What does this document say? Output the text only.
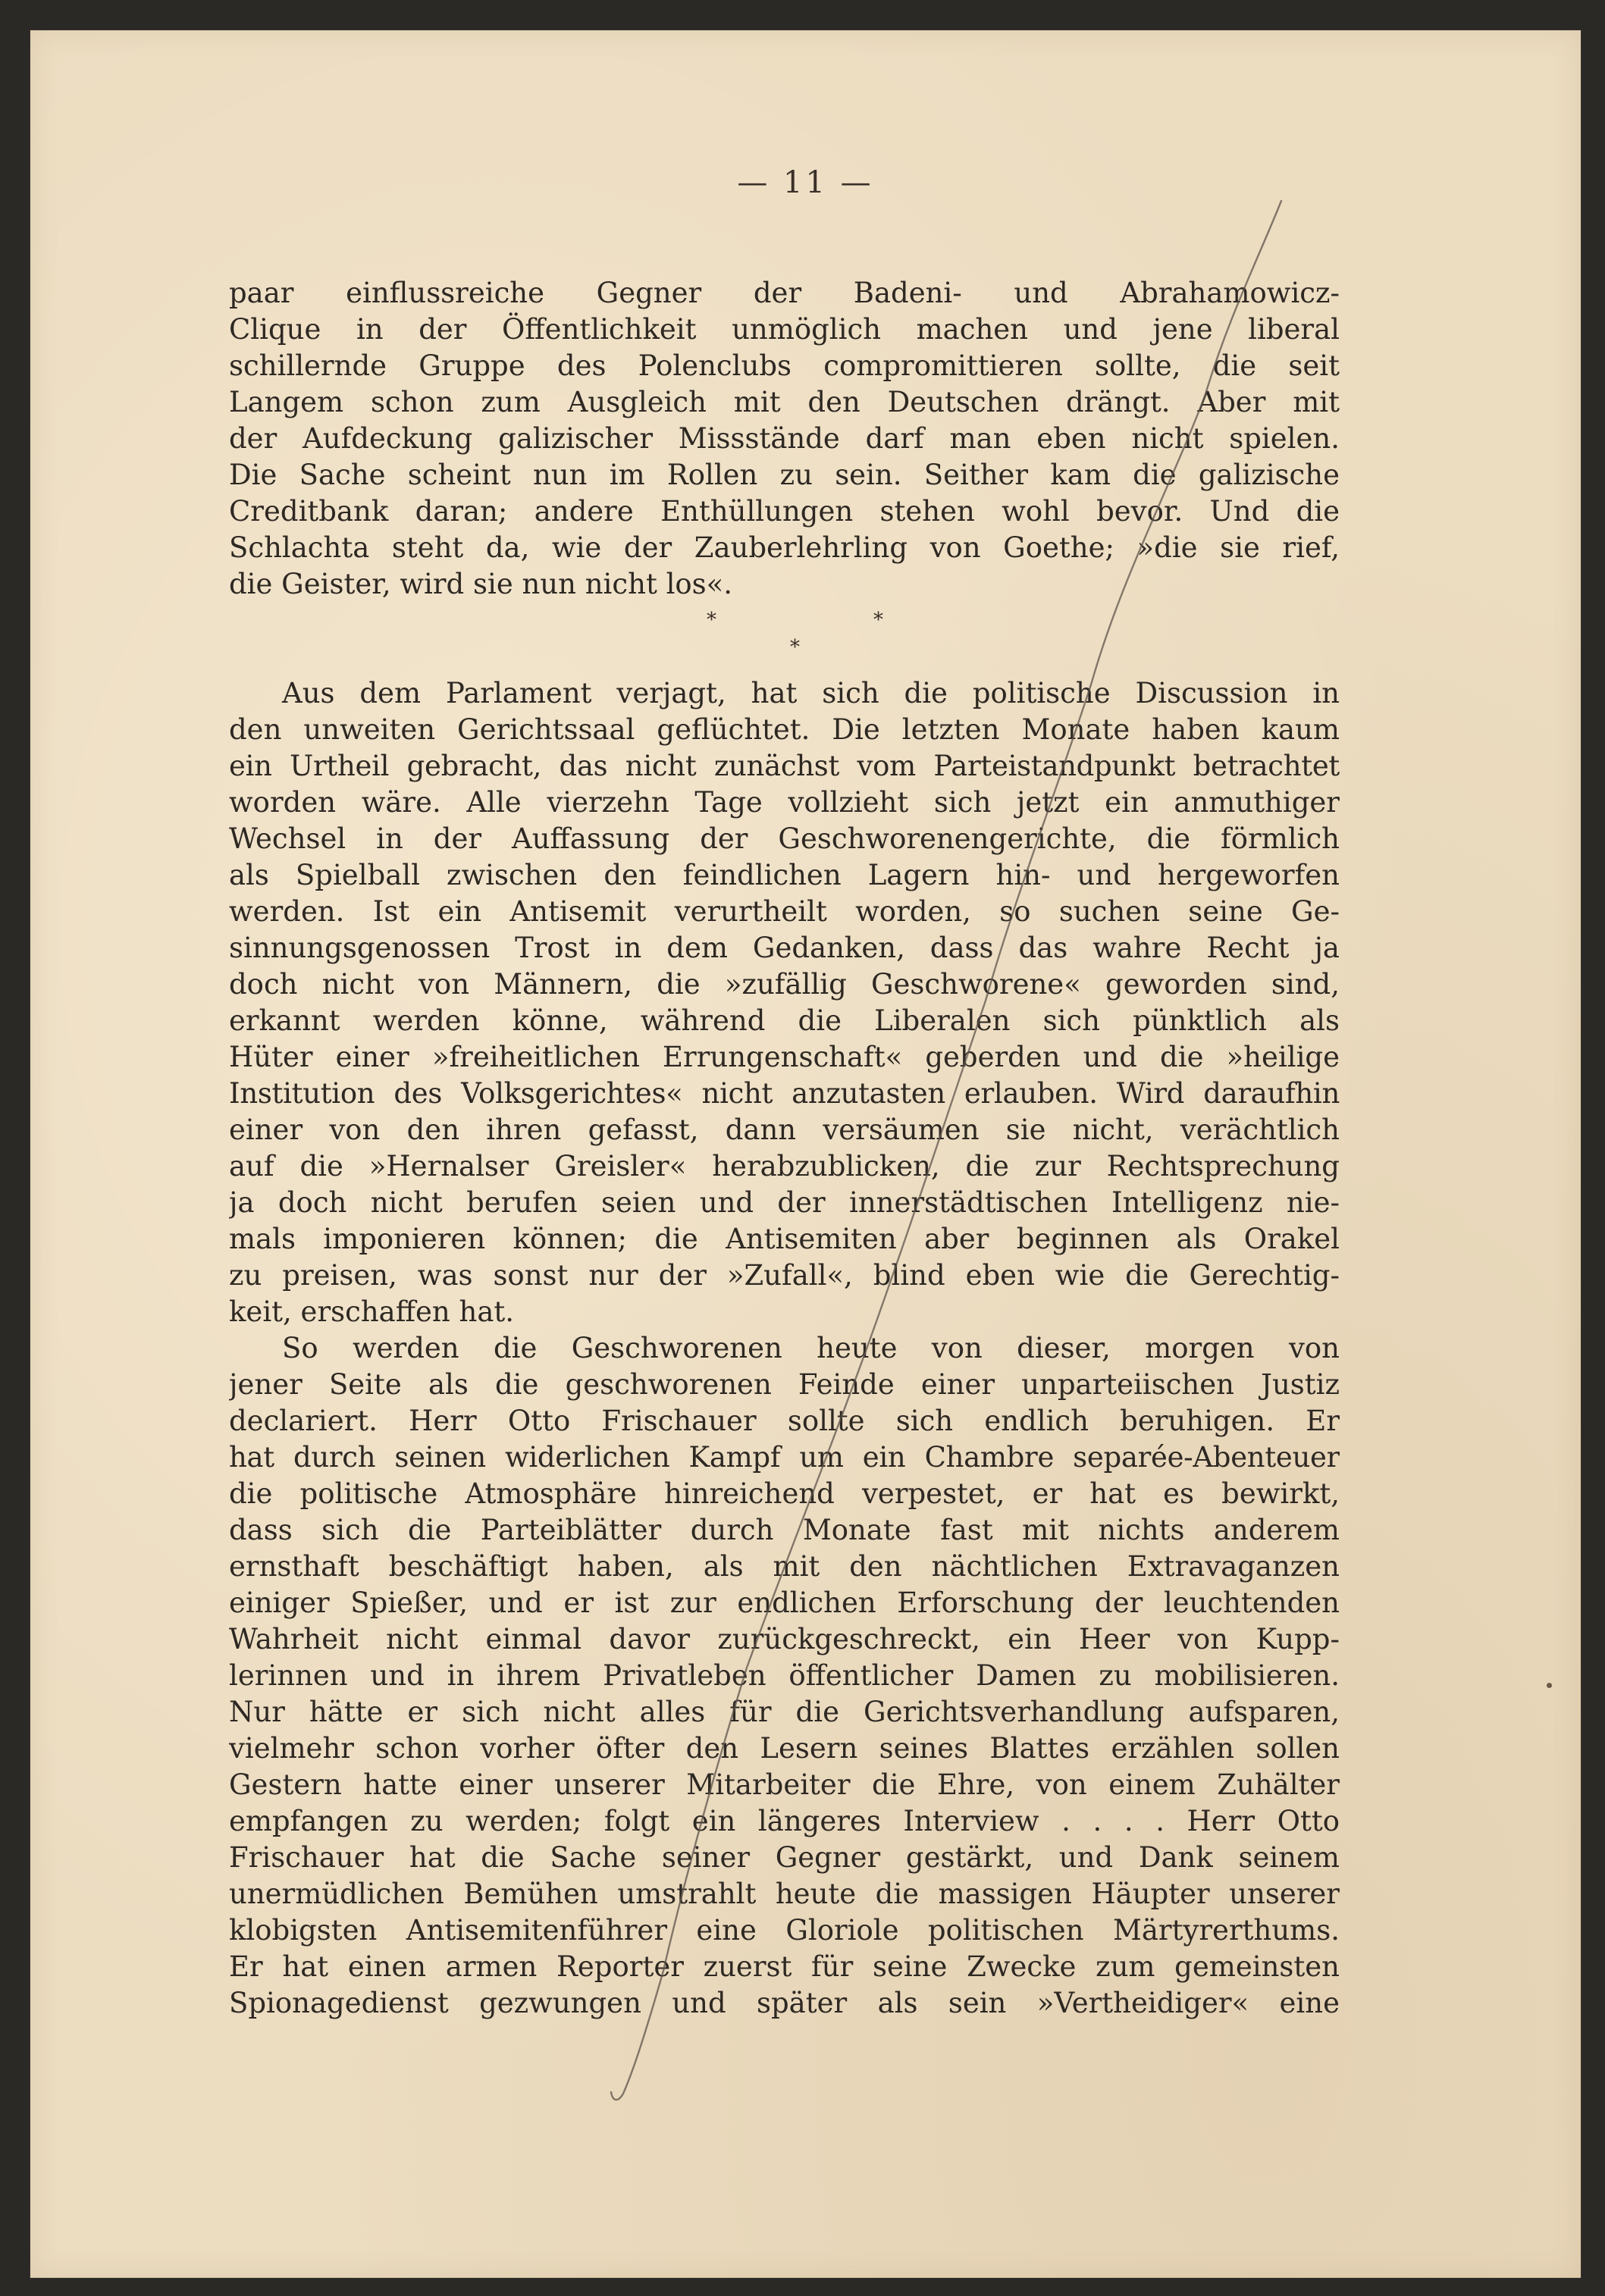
— 11 —
paar einflussreiche Gegner der Badeni- und Abrahamowicz-
Clique in der Öffentlichkeit unmöglich machen und jene liberal
schillernde Gruppe des Polenclubs compromittieren sollte, die seit
Langem schon zum Ausgleich mit den Deutschen drängt. Aber mit
der Aufdeckung galizischer Missstände darf man eben nicht spielen.
Die Sache scheint nun im Rollen zu sein. Seither kam die galizische
Creditbank daran; andere Enthüllungen stehen wohl bevor. Und die
Schlachta steht da, wie der Zauberlehrling von Goethe; »die sie rief,
die Geister, wird sie nun nicht los«.
*	*
*
Aus dem Parlament verjagt, hat sich die politische Discussion in
den unweiten Gerichtssaal geflüchtet. Die letzten Monate haben kaum
ein Urtheil gebracht, das nicht zunächst vom Parteistandpunkt betrachtet
worden wäre. Alle vierzehn Tage vollzieht sich jetzt ein anmuthiger
Wechsel in der Auffassung der Geschworenengerichte, die förmlich
als Spielball zwischen den feindlichen Lagern hin- und hergeworfen
werden. Ist ein Antisemit verurtheilt worden, so suchen seine Ge-
sinnungsgenossen Trost in dem Gedanken, dass das wahre Recht ja
doch nicht von Männern, die »zufällig Geschworene« geworden sind,
erkannt werden könne, während die Liberalen sich pünktlich als
Hüter einer »freiheitlichen Errungenschaft« geberden und die »heilige
Institution des Volksgerichtes« nicht anzutasten erlauben. Wird daraufhin
einer von den ihren gefasst, dann versäumen sie nicht, verächtlich
auf die »Hernalser Greisler« herabzublicken, die zur Rechtsprechung
ja doch nicht berufen seien und der innerstädtischen Intelligenz nie-
mals imponieren können; die Antisemiten aber beginnen als Orakel
zu preisen, was sonst nur der »Zufall«, blind eben wie die Gerechtig-
keit, erschaffen hat.
So werden die Geschworenen heute von dieser, morgen von
jener Seite als die geschworenen Feinde einer unparteiischen Justiz
declariert. Herr Otto Frischauer sollte sich endlich beruhigen. Er
hat durch seinen widerlichen Kampf um ein Chambre separée-Abenteuer
die politische Atmosphäre hinreichend verpestet, er hat es bewirkt,
dass sich die Parteiblätter durch Monate fast mit nichts anderem
ernsthaft beschäftigt haben, als mit den nächtlichen Extravaganzen
einiger Spießer, und er ist zur endlichen Erforschung der leuchtenden
Wahrheit nicht einmal davor zurückgeschreckt, ein Heer von Kupp-
lerinnen und in ihrem Privatleben öffentlicher Damen zu mobilisieren.
Nur hätte er sich nicht alles für die Gerichtsverhandlung aufsparen,
vielmehr schon vorher öfter den Lesern seines Blattes erzählen sollen
Gestern hatte einer unserer Mitarbeiter die Ehre, von einem Zuhälter
empfangen zu werden; folgt ein längeres Interview . . . . Herr Otto
Frischauer hat die Sache seiner Gegner gestärkt, und Dank seinem
unermüdlichen Bemühen umstrahlt heute die massigen Häupter unserer
klobigsten Antisemitenführer eine Gloriole politischen Märtyrerthums.
Er hat einen armen Reporter zuerst für seine Zwecke zum gemeinsten
Spionagedienst gezwungen und später als sein »Vertheidiger« eine
